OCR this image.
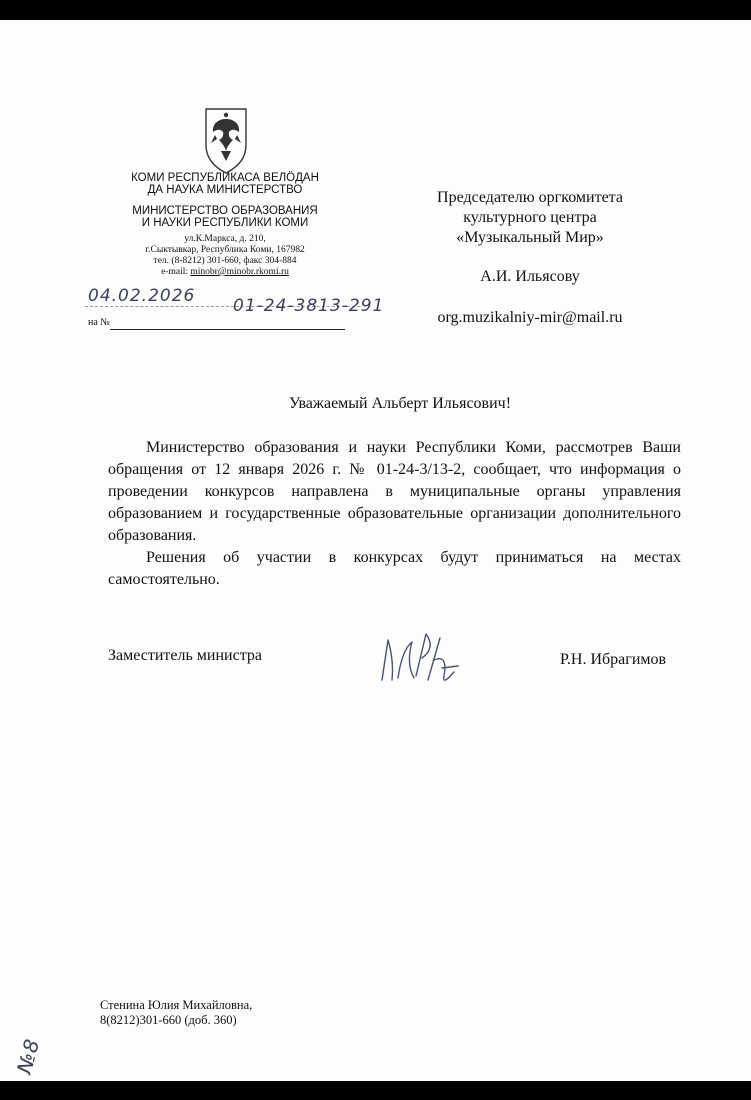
КОМИ РЕСПУБЛИКАСА ВЕЛÖДАН
ДА НАУКА МИНИСТЕРСТВО
МИНИСТЕРСТВО ОБРАЗОВАНИЯ
И НАУКИ РЕСПУБЛИКИ КОМИ
ул.К.Маркса, д. 210,
г.Сыктывкар, Республика Коми, 167982
тел. (8-8212) 301-660, факс 304-884
e-mail: minobr@minobr.rkomi.ru
04.02.2026 01-24-3813-291
на №
Председателю оргкомитета
культурного центра
«Музыкальный Мир»
А.И. Ильясову
org.muzikalniy-mir@mail.ru
Уважаемый Альберт Ильясович!

Министерство образования и науки Республики Коми, рассмотрев Ваши обращения от 12 января 2026 г. № 01-24-3/13-2, сообщает, что информация о проведении конкурсов направлена в муниципальные органы управления образованием и государственные образовательные организации дополнительного образования.

Решения об участии в конкурсах будут приниматься на местах самостоятельно.

Заместитель министра	Р.Н. Ибрагимов
Стенина Юлия Михайловна,
8(8212)301-660 (доб. 360)
№8
